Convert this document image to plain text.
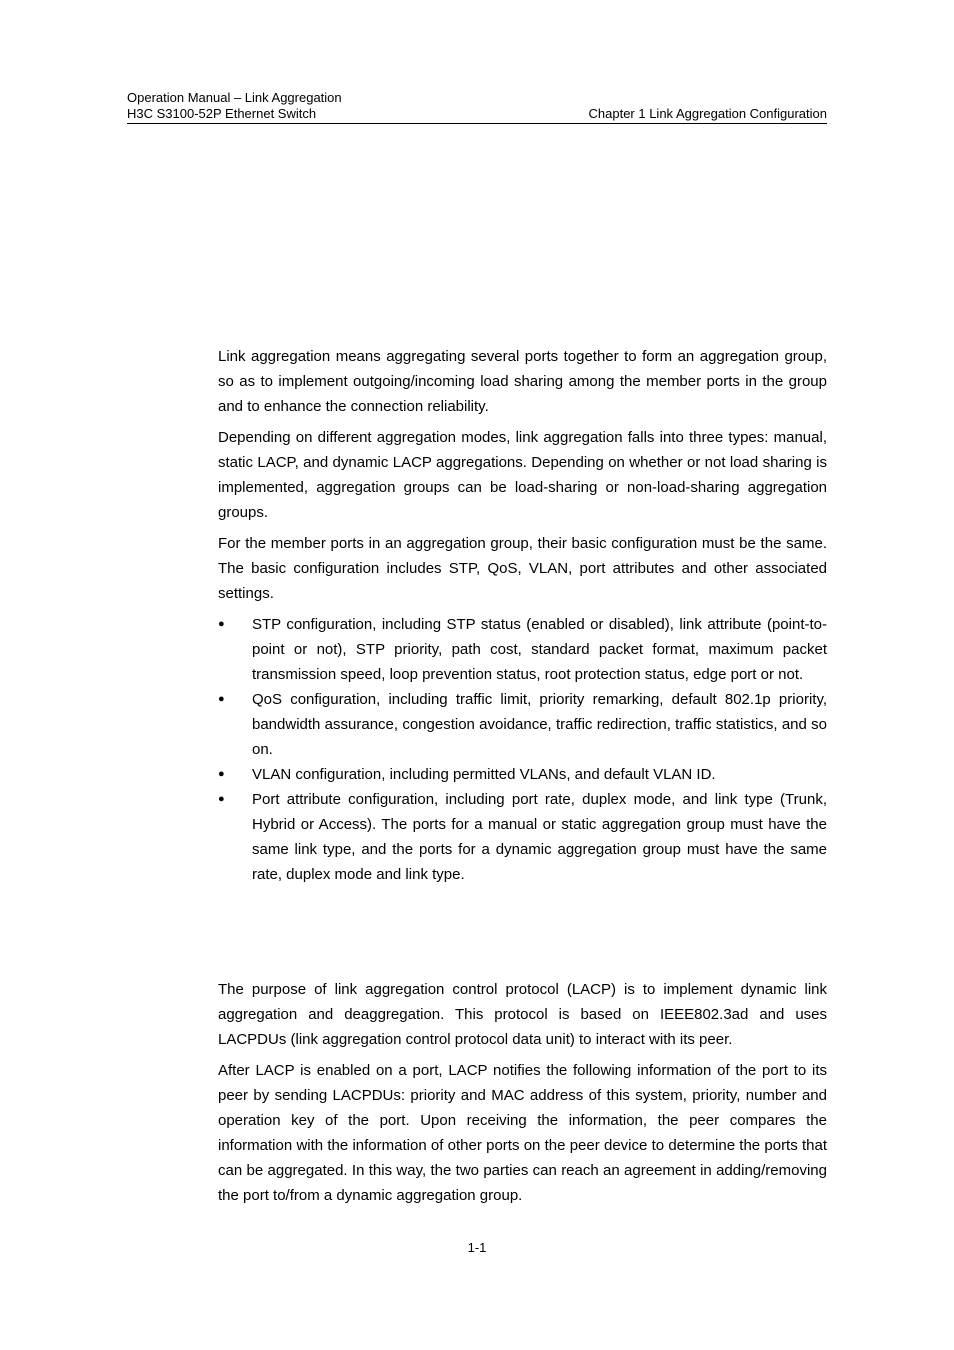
Operation Manual – Link Aggregation
H3C S3100-52P Ethernet Switch	Chapter 1 Link Aggregation Configuration

Link aggregation means aggregating several ports together to form an aggregation group, so as to implement outgoing/incoming load sharing among the member ports in the group and to enhance the connection reliability.

Depending on different aggregation modes, link aggregation falls into three types: manual, static LACP, and dynamic LACP aggregations. Depending on whether or not load sharing is implemented, aggregation groups can be load-sharing or non-load-sharing aggregation groups.

For the member ports in an aggregation group, their basic configuration must be the same. The basic configuration includes STP, QoS, VLAN, port attributes and other associated settings.

● STP configuration, including STP status (enabled or disabled), link attribute (point-to-point or not), STP priority, path cost, standard packet format, maximum packet transmission speed, loop prevention status, root protection status, edge port or not.
● QoS configuration, including traffic limit, priority remarking, default 802.1p priority, bandwidth assurance, congestion avoidance, traffic redirection, traffic statistics, and so on.
● VLAN configuration, including permitted VLANs, and default VLAN ID.
● Port attribute configuration, including port rate, duplex mode, and link type (Trunk, Hybrid or Access). The ports for a manual or static aggregation group must have the same link type, and the ports for a dynamic aggregation group must have the same rate, duplex mode and link type.

The purpose of link aggregation control protocol (LACP) is to implement dynamic link aggregation and deaggregation. This protocol is based on IEEE802.3ad and uses LACPDUs (link aggregation control protocol data unit) to interact with its peer.

After LACP is enabled on a port, LACP notifies the following information of the port to its peer by sending LACPDUs: priority and MAC address of this system, priority, number and operation key of the port. Upon receiving the information, the peer compares the information with the information of other ports on the peer device to determine the ports that can be aggregated. In this way, the two parties can reach an agreement in adding/removing the port to/from a dynamic aggregation group.

1-1
